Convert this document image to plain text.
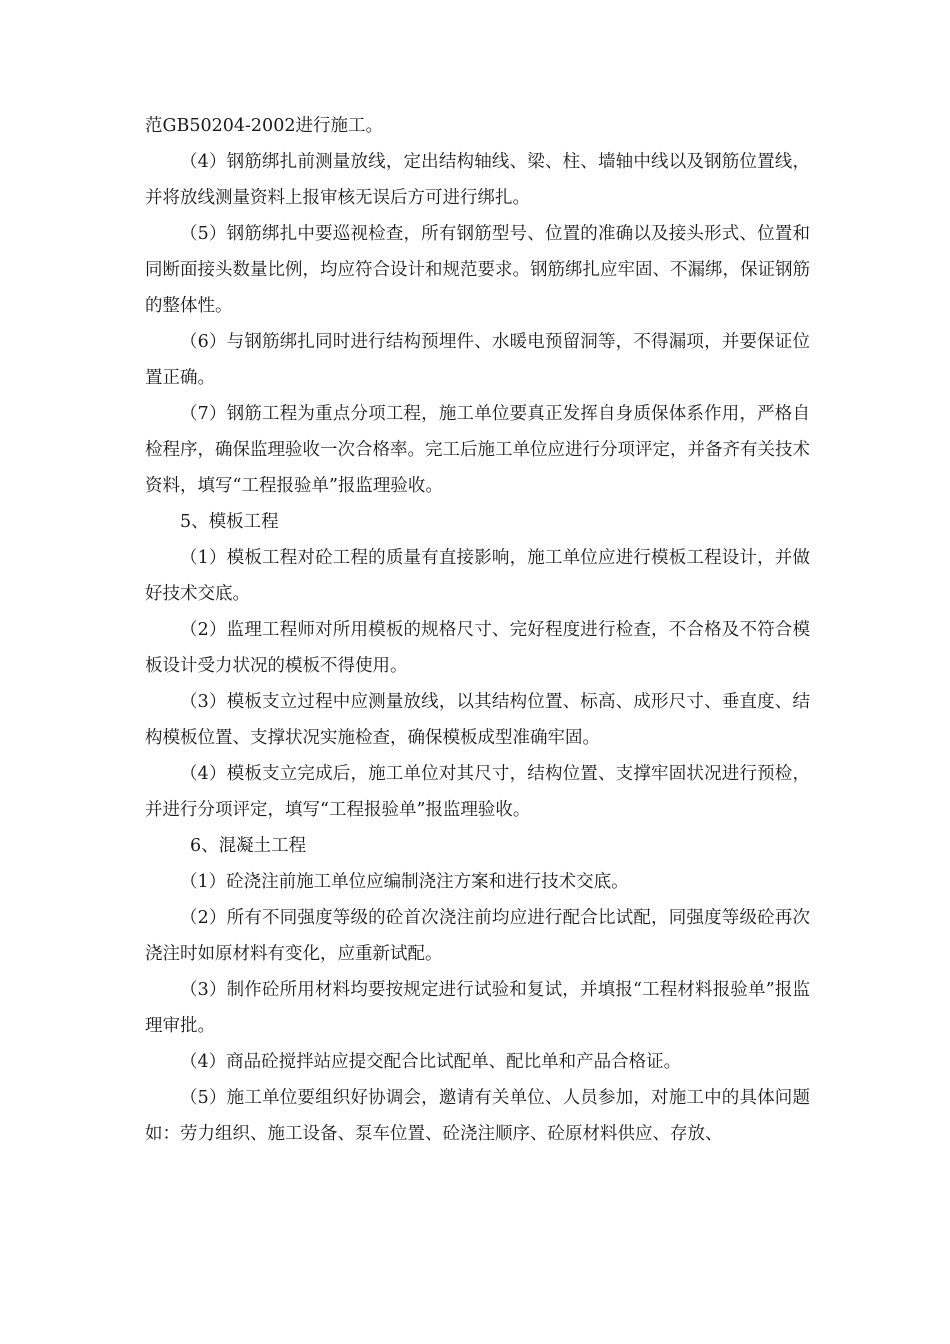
范GB50204-2002进行施工。

（4）钢筋绑扎前测量放线，定出结构轴线、梁、柱、墙轴中线以及钢筋位置线，并将放线测量资料上报审核无误后方可进行绑扎。

（5）钢筋绑扎中要巡视检查，所有钢筋型号、位置的准确以及接头形式、位置和同断面接头数量比例，均应符合设计和规范要求。钢筋绑扎应牢固、不漏绑，保证钢筋的整体性。

（6）与钢筋绑扎同时进行结构预埋件、水暖电预留洞等，不得漏项，并要保证位置正确。

（7）钢筋工程为重点分项工程，施工单位要真正发挥自身质保体系作用，严格自检程序，确保监理验收一次合格率。完工后施工单位应进行分项评定，并备齐有关技术资料，填写“工程报验单”报监理验收。

5、模板工程

（1）模板工程对砼工程的质量有直接影响，施工单位应进行模板工程设计，并做好技术交底。

（2）监理工程师对所用模板的规格尺寸、完好程度进行检查，不合格及不符合模板设计受力状况的模板不得使用。

（3）模板支立过程中应测量放线，以其结构位置、标高、成形尺寸、垂直度、结构模板位置、支撑状况实施检查，确保模板成型准确牢固。

（4）模板支立完成后，施工单位对其尺寸，结构位置、支撑牢固状况进行预检，并进行分项评定，填写“工程报验单”报监理验收。

6、混凝土工程

（1）砼浇注前施工单位应编制浇注方案和进行技术交底。

（2）所有不同强度等级的砼首次浇注前均应进行配合比试配，同强度等级砼再次浇注时如原材料有变化，应重新试配。

（3）制作砼所用材料均要按规定进行试验和复试，并填报“工程材料报验单”报监理审批。

（4）商品砼搅拌站应提交配合比试配单、配比单和产品合格证。

（5）施工单位要组织好协调会，邀请有关单位、人员参加，对施工中的具体问题如：劳力组织、施工设备、泵车位置、砼浇注顺序、砼原材料供应、存放、
